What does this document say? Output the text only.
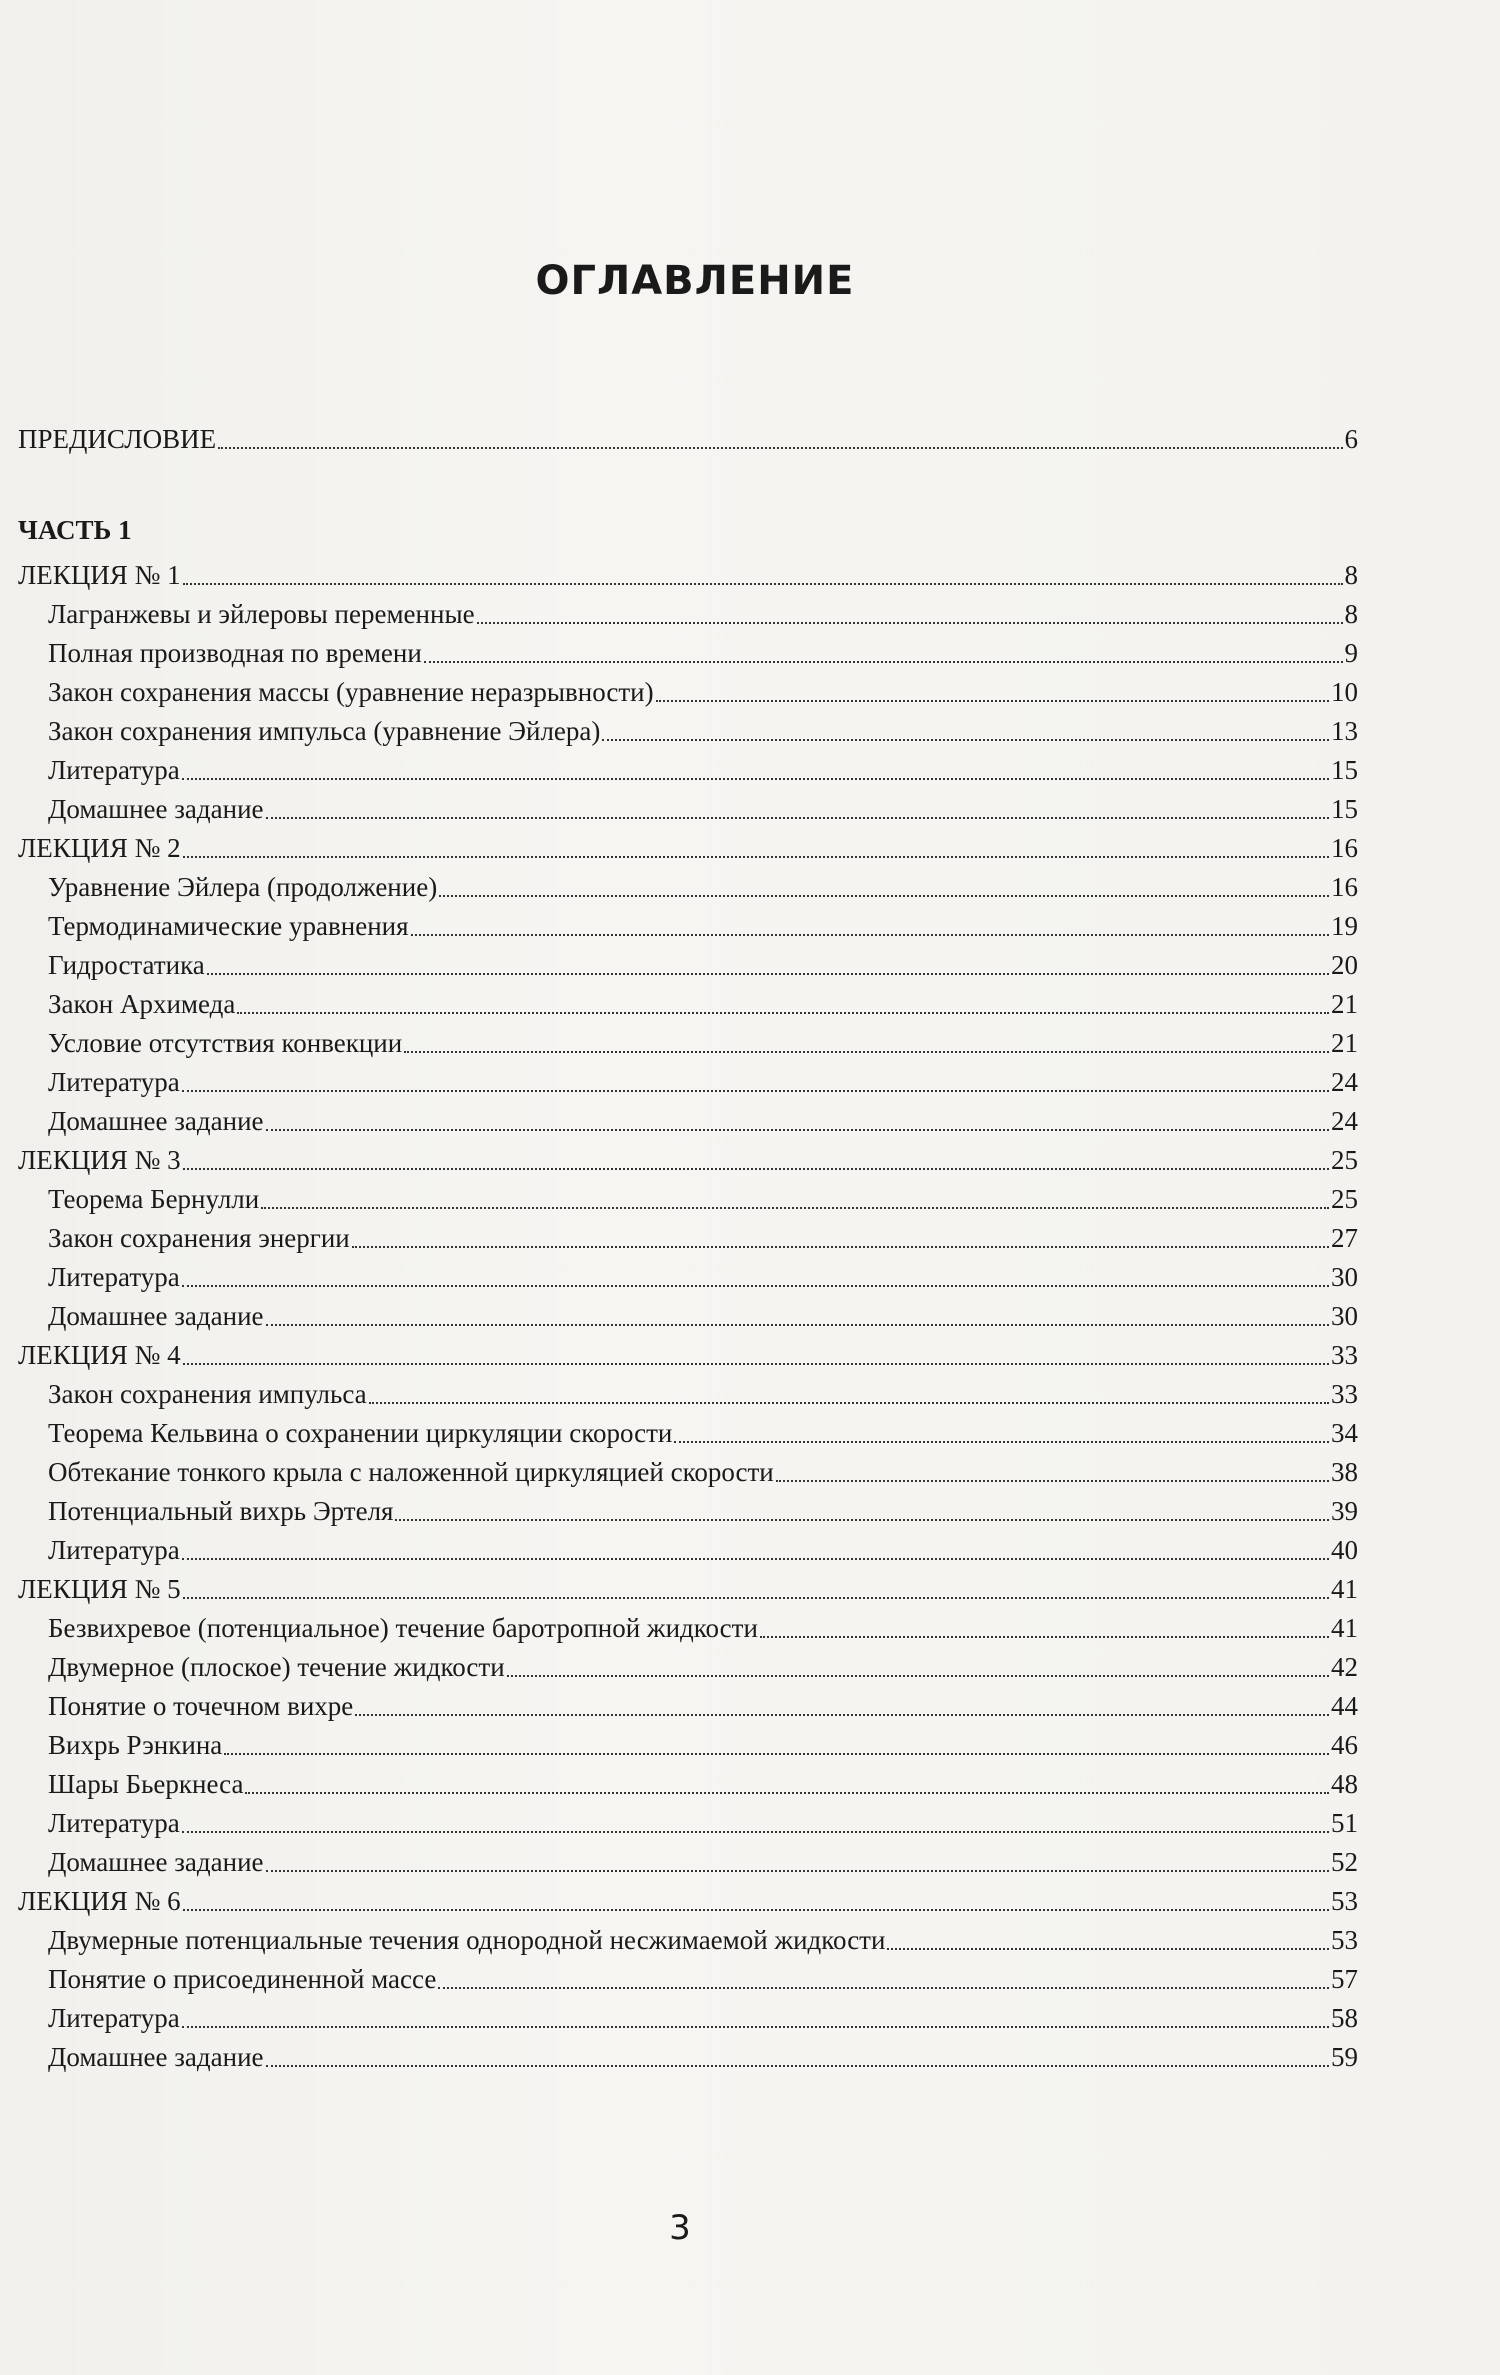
ОГЛАВЛЕНИЕ
ПРЕДИСЛОВИЕ	6
ЧАСТЬ 1
ЛЕКЦИЯ № 1	8
Лагранжевы и эйлеровы переменные	8
Полная производная по времени	9
Закон сохранения массы (уравнение неразрывности)	10
Закон сохранения импульса (уравнение Эйлера)	13
Литература	15
Домашнее задание	15
ЛЕКЦИЯ № 2	16
Уравнение Эйлера (продолжение)	16
Термодинамические уравнения	19
Гидростатика	20
Закон Архимеда	21
Условие отсутствия конвекции	21
Литература	24
Домашнее задание	24
ЛЕКЦИЯ № 3	25
Теорема Бернулли	25
Закон сохранения энергии	27
Литература	30
Домашнее задание	30
ЛЕКЦИЯ № 4	33
Закон сохранения импульса	33
Теорема Кельвина о сохранении циркуляции скорости	34
Обтекание тонкого крыла с наложенной циркуляцией скорости	38
Потенциальный вихрь Эртеля	39
Литература	40
ЛЕКЦИЯ № 5	41
Безвихревое (потенциальное) течение баротропной жидкости	41
Двумерное (плоское) течение жидкости	42
Понятие о точечном вихре	44
Вихрь Рэнкина	46
Шары Бьеркнеса	48
Литература	51
Домашнее задание	52
ЛЕКЦИЯ № 6	53
Двумерные потенциальные течения однородной несжимаемой жидкости	53
Понятие о присоединенной массе	57
Литература	58
Домашнее задание	59
3
